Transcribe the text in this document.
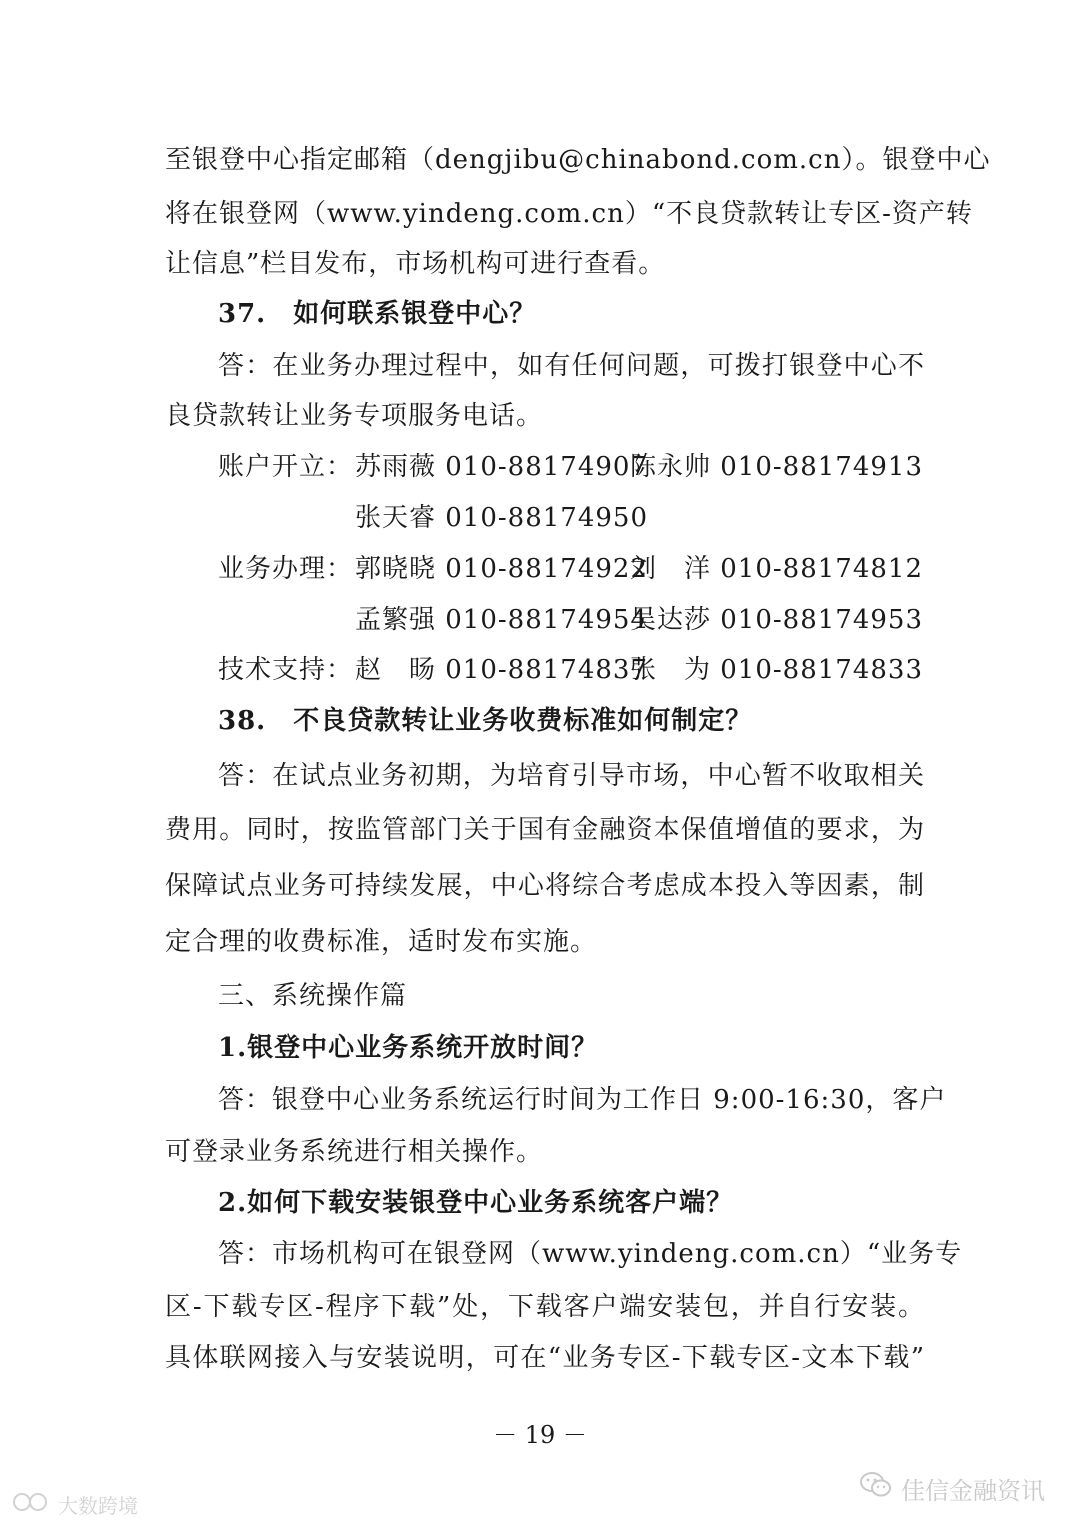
至银登中心指定邮箱（dengjibu@chinabond.com.cn）。银登中心
将在银登网（www.yindeng.com.cn）“不良贷款转让专区-资产转
让信息”栏目发布，市场机构可进行查看。
37.　如何联系银登中心？
答：在业务办理过程中，如有任何问题，可拨打银登中心不
良贷款转让业务专项服务电话。
账户开立： 苏雨薇 010-88174907
陈永帅 010-88174913
张天睿 010-88174950
业务办理： 郭晓晓 010-88174922
刘　洋 010-88174812
孟繁强 010-88174954
吴达莎 010-88174953
技术支持： 赵　旸 010-88174837
张　为 010-88174833
38.　不良贷款转让业务收费标准如何制定？
答：在试点业务初期，为培育引导市场，中心暂不收取相关
费用。同时，按监管部门关于国有金融资本保值增值的要求，为
保障试点业务可持续发展，中心将综合考虑成本投入等因素，制
定合理的收费标准，适时发布实施。
三、系统操作篇
1.银登中心业务系统开放时间？
答：银登中心业务系统运行时间为工作日 9:00-16:30，客户
可登录业务系统进行相关操作。
2.如何下载安装银登中心业务系统客户端？
答：市场机构可在银登网（www.yindeng.com.cn）“业务专
区-下载专区-程序下载”处，下载客户端安装包，并自行安装。
具体联网接入与安装说明，可在“业务专区-下载专区-文本下载”
－ 19 －
佳信金融资讯
大数跨境
